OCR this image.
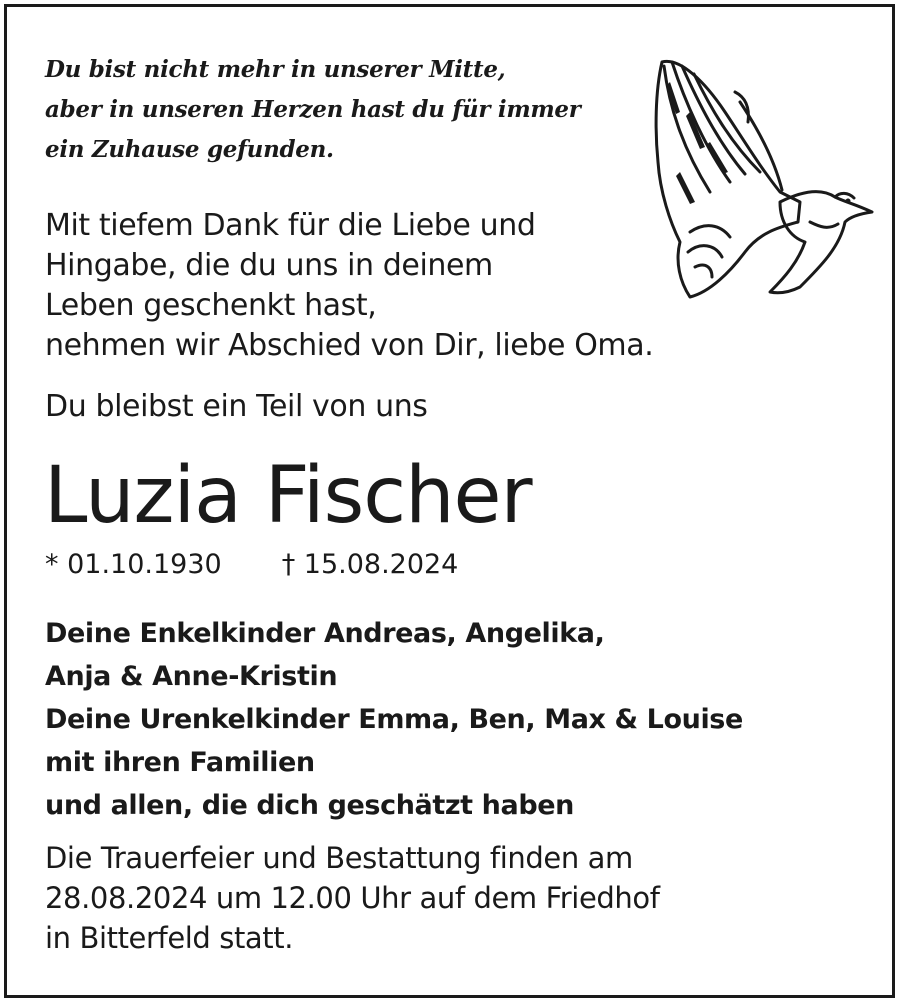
Du bist nicht mehr in unserer Mitte,
aber in unseren Herzen hast du für immer
ein Zuhause gefunden.
Mit tiefem Dank für die Liebe und
Hingabe, die du uns in deinem
Leben geschenkt hast,
nehmen wir Abschied von Dir, liebe Oma.
Du bleibst ein Teil von uns
Luzia Fischer
* 01.10.1930 † 15.08.2024
Deine Enkelkinder Andreas, Angelika,
Anja & Anne-Kristin
Deine Urenkelkinder Emma, Ben, Max & Louise
mit ihren Familien
und allen, die dich geschätzt haben
Die Trauerfeier und Bestattung finden am
28.08.2024 um 12.00 Uhr auf dem Friedhof
in Bitterfeld statt.
